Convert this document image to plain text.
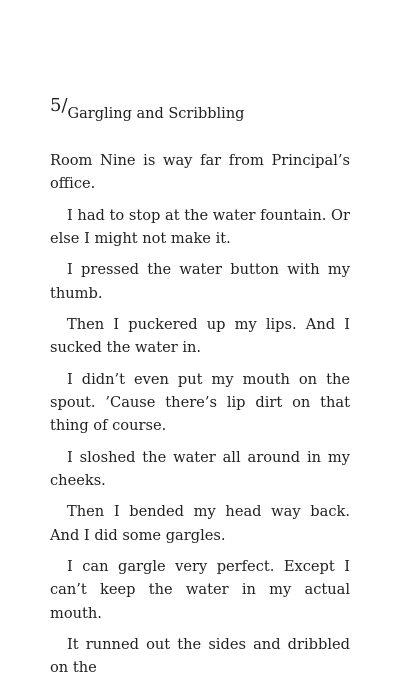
5/Gargling and Scribbling

Room Nine is way far from Principal’s office.

I had to stop at the water fountain. Or else I might not make it.

I pressed the water button with my thumb.

Then I puckered up my lips. And I sucked the water in.

I didn’t even put my mouth on the spout. ’Cause there’s lip dirt on that thing of course.

I sloshed the water all around in my cheeks.

Then I bended my head way back. And I did some gargles.

I can gargle very perfect. Except I can’t keep the water in my actual mouth.

It runned out the sides and dribbled on the
